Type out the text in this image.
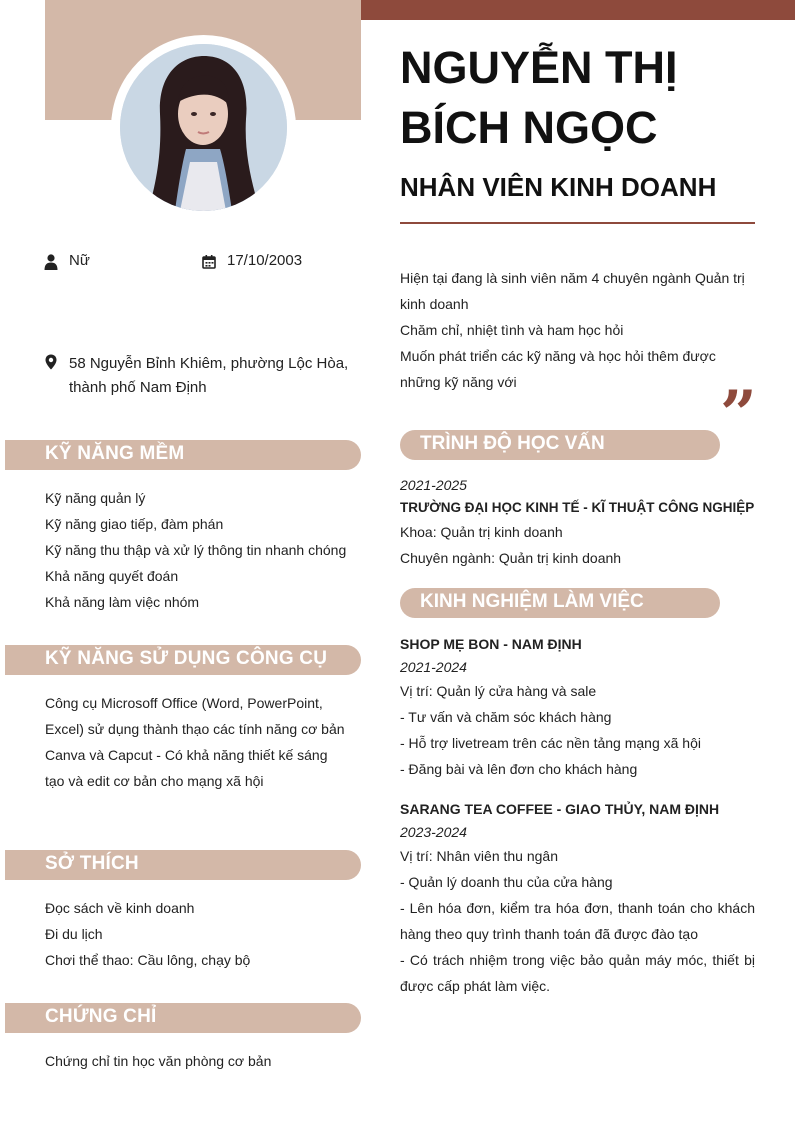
Nữ	17/10/2003
58 Nguyễn Bỉnh Khiêm, phường Lộc Hòa, thành phố Nam Định
KỸ NĂNG MỀM
Kỹ năng quản lý
Kỹ năng giao tiếp, đàm phán
Kỹ năng thu thập và xử lý thông tin nhanh chóng
Khả năng quyết đoán
Khả năng làm việc nhóm
KỸ NĂNG SỬ DỤNG CÔNG CỤ
Công cụ Microsoff Office (Word, PowerPoint, Excel) sử dụng thành thạo các tính năng cơ bản
Canva và Capcut - Có khả năng thiết kế sáng tạo và edit cơ bản cho mạng xã hội
SỞ THÍCH
Đọc sách về kinh doanh
Đi du lịch
Chơi thể thao: Cầu lông, chạy bộ
CHỨNG CHỈ
Chứng chỉ tin học văn phòng cơ bản
NGUYỄN THỊ
BÍCH NGỌC
NHÂN VIÊN KINH DOANH
Hiện tại đang là sinh viên năm 4 chuyên ngành Quản trị kinh doanh
Chăm chỉ, nhiệt tình và ham học hỏi
Muốn phát triển các kỹ năng và học hỏi thêm được những kỹ năng với	”
TRÌNH ĐỘ HỌC VẤN
2021-2025
TRƯỜNG ĐẠI HỌC KINH TẾ - KĨ THUẬT CÔNG NGHIỆP
Khoa: Quản trị kinh doanh
Chuyên ngành: Quản trị kinh doanh
KINH NGHIỆM LÀM VIỆC
SHOP MẸ BON - NAM ĐỊNH
2021-2024
Vị trí: Quản lý cửa hàng và sale
- Tư vấn và chăm sóc khách hàng
- Hỗ trợ livetream trên các nền tảng mạng xã hội
- Đăng bài và lên đơn cho khách hàng
SARANG TEA COFFEE - GIAO THỦY, NAM ĐỊNH
2023-2024
Vị trí: Nhân viên thu ngân
- Quản lý doanh thu của cửa hàng
- Lên hóa đơn, kiểm tra hóa đơn, thanh toán cho khách hàng theo quy trình thanh toán đã được đào tạo
- Có trách nhiệm trong việc bảo quản máy móc, thiết bị được cấp phát làm việc.
